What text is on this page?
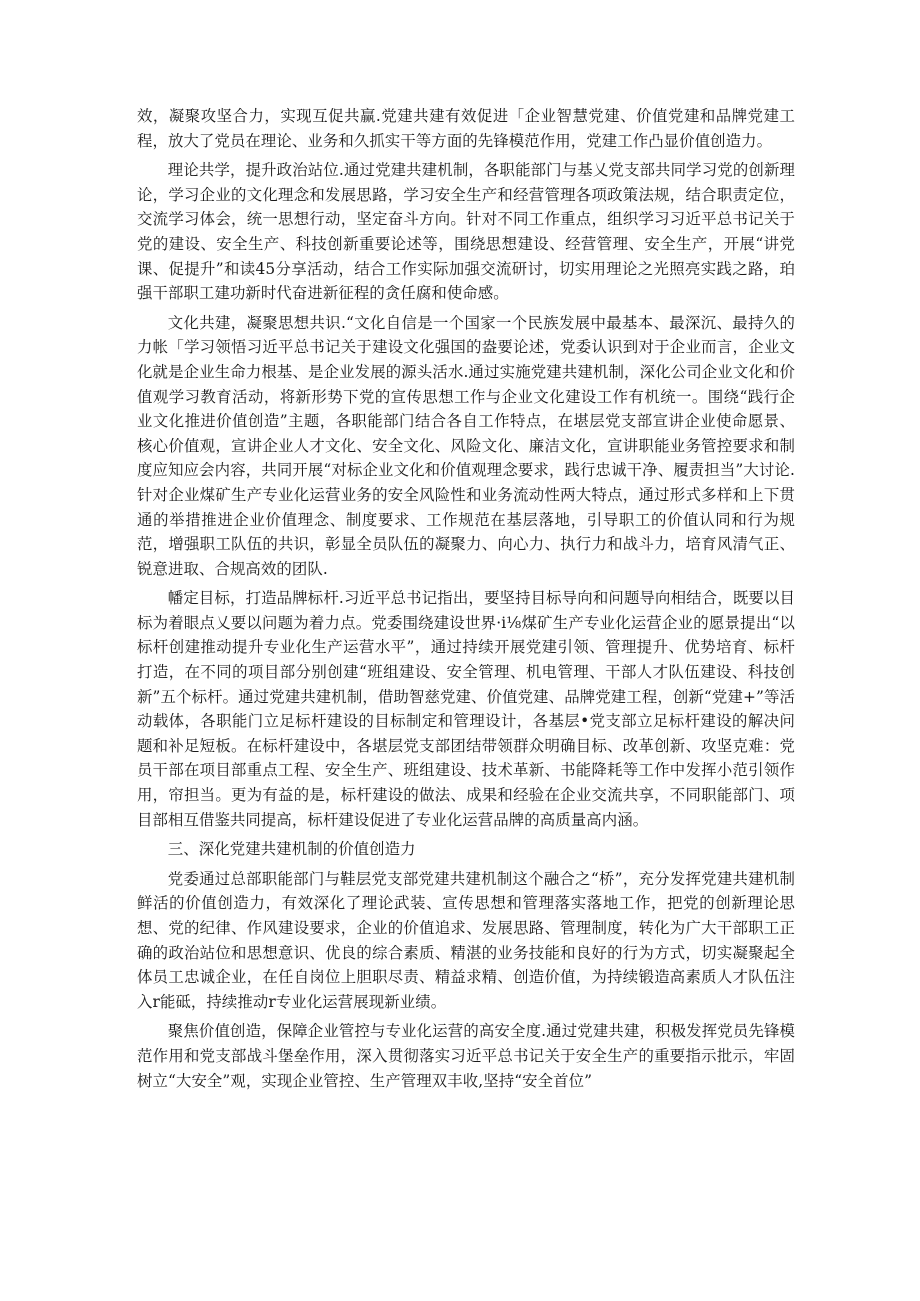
效，凝聚攻坚合力，实现互促共赢.党建共建有效促进「企业智慧党建、价值党建和品牌党建工程，放大了党员在理论、业务和久抓实干等方面的先锋模范作用，党建工作凸显价值创造力。

理论共学，提升政治站位.通过党建共建机制，各职能部门与基乂党支部共同学习党的创新理论，学习企业的文化理念和发展思路，学习安全生产和经营管理各项政策法规，结合职责定位，交流学习体会，统一思想行动，坚定奋斗方向。针对不同工作重点，组织学习习近平总书记关于党的建设、安全生产、科技创新重要论述等，围绕思想建设、经营管理、安全生产，开展“讲党课、促提升”和读45分享活动，结合工作实际加强交流研讨，切实用理论之光照亮实践之路，珀强干部职工建功新时代奋进新征程的贪任腐和使命感。

文化共建，凝聚思想共识.“文化自信是一个国家一个民族发展中最基本、最深沉、最持久的力帐「学习领悟习近平总书记关于建设文化强国的盎要论述，党委认识到对于企业而言，企业文化就是企业生命力根基、是企业发展的源头活水.通过实施党建共建机制，深化公司企业文化和价值观学习教育活动，将新形势下党的宣传思想工作与企业文化建设工作有机统一。围绕“践行企业文化推进价值创造”主题，各职能部门结合各自工作特点，在堪层党支部宣讲企业使命愿景、核心价值观，宣讲企业人才文化、安全文化、风险文化、廉洁文化，宣讲职能业务管控要求和制度应知应会内容，共同开展“对标企业文化和价值观理念要求，践行忠诚干净、履责担当”大讨论.针对企业煤矿生产专业化运营业务的安全风险性和业务流动性两大特点，通过形式多样和上下贯通的举措推进企业价值理念、制度要求、工作规范在基层落地，引导职工的价值认同和行为规范，增强职工队伍的共识，彰显全员队伍的凝聚力、向心力、执行力和战斗力，培育风清气正、锐意进取、合规高效的团队.

幡定目标，打造品牌标杆.习近平总书记指出，要坚持目标导向和问题导向相结合，既要以目标为着眼点乂要以问题为着力点。党委围绕建设世界·i⅛煤矿生产专业化运营企业的愿景提出“以标杆创建推动提升专业化生产运营水平”，通过持续开展党建引领、管理提升、优势培育、标杆打造，在不同的项目部分别创建“班组建设、安全管理、机电管理、干部人才队伍建设、科技创新”五个标杆。通过党建共建机制，借助智慈党建、价值党建、品牌党建工程，创新“党建+”等活动载体，各职能门立足标杆建设的目标制定和管理设计，各基层•党支部立足标杆建设的解决问题和补足短板。在标杆建设中，各堪层党支部团结带领群众明确目标、改革创新、攻坚克难：党员干部在项目部重点工程、安全生产、班组建设、技术革新、书能降耗等工作中发挥小范引领作用，帘担当。更为有益的是，标杆建设的做法、成果和经验在企业交流共享，不同职能部门、项目部相互借鉴共同提高，标杆建设促进了专业化运营品牌的高质量高内涵。

三、深化党建共建机制的价值创造力

党委通过总部职能部门与鞋层党支部党建共建机制这个融合之“桥”，充分发挥党建共建机制鲜活的价值创造力，有效深化了理论武装、宣传思想和管理落实落地工作，把党的创新理论思想、党的纪律、作风建设要求，企业的价值追求、发展思路、管理制度，转化为广大干部职工正确的政治站位和思想意识、优良的综合素质、精湛的业务技能和良好的行为方式，切实凝聚起全体员工忠诚企业，在任自岗位上胆职尽责、精益求精、创造价值，为持续锻造高素质人才队伍注入r能砥，持续推动r专业化运营展现新业绩。

聚焦价值创造，保障企业管控与专业化运营的高安全度.通过党建共建，积极发挥党员先锋模范作用和党支部战斗堡垒作用，深入贯彻落实习近平总书记关于安全生产的重要指示批示，牢固树立“大安全”观，实现企业管控、生产管理双丰收,坚持“安全首位”
